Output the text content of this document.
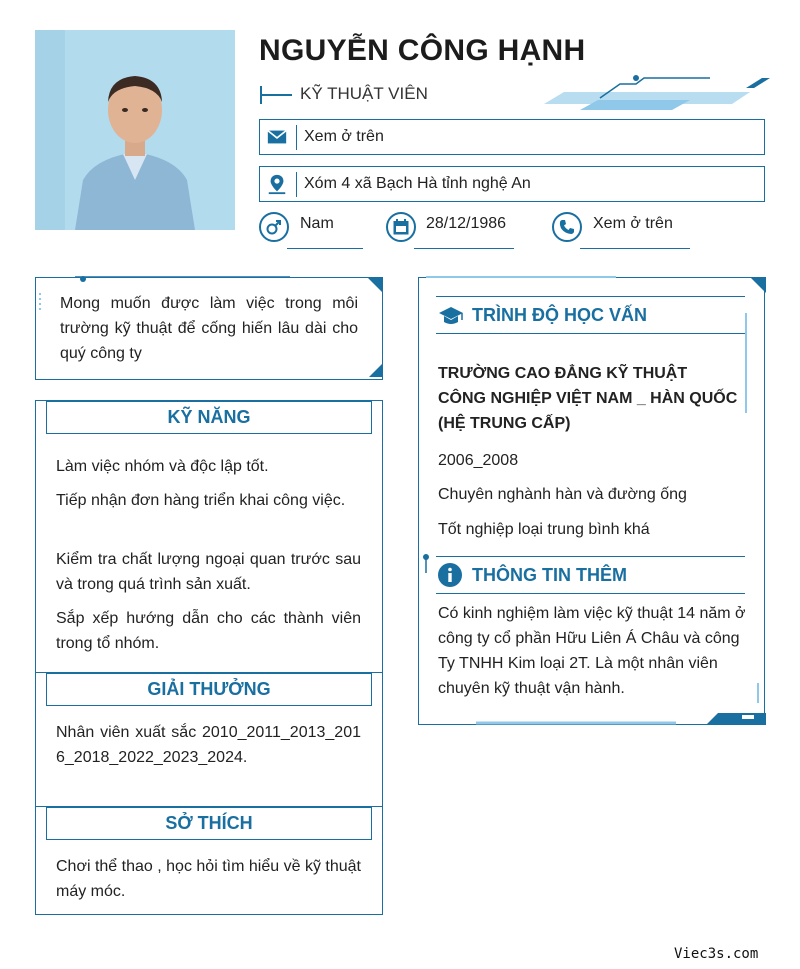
NGUYỄN CÔNG HẠNH
KỸ THUẬT VIÊN
Xem ở trên
Xóm 4 xã Bạch Hà tỉnh nghệ An
Nam	28/12/1986	Xem ở trên
Mong muốn được làm việc trong môi trường kỹ thuật để cống hiến lâu dài cho quý công ty
KỸ NĂNG
Làm việc nhóm và độc lập tốt.
Tiếp nhận đơn hàng triển khai công việc.
Kiểm tra chất lượng ngoại quan trước sau và trong quá trình sản xuất.
Sắp xếp hướng dẫn cho các thành viên trong tổ nhóm.
GIẢI THƯỞNG
Nhân viên xuất sắc 2010_2011_2013_2016_2018_2022_2023_2024.
SỞ THÍCH
Chơi thể thao , học hỏi tìm hiểu về kỹ thuật máy móc.
TRÌNH ĐỘ HỌC VẤN
TRƯỜNG CAO ĐẲNG KỸ THUẬT CÔNG NGHIỆP VIỆT NAM _ HÀN QUỐC (HỆ TRUNG CẤP)
2006_2008
Chuyên nghành hàn và đường ống
Tốt nghiệp loại trung bình khá
THÔNG TIN THÊM
Có kinh nghiệm làm việc kỹ thuật 14 năm ở công ty cổ phần Hữu Liên Á Châu và công Ty TNHH Kim loại 2T. Là một nhân viên chuyên kỹ thuật vận hành.
Viec3s.com
